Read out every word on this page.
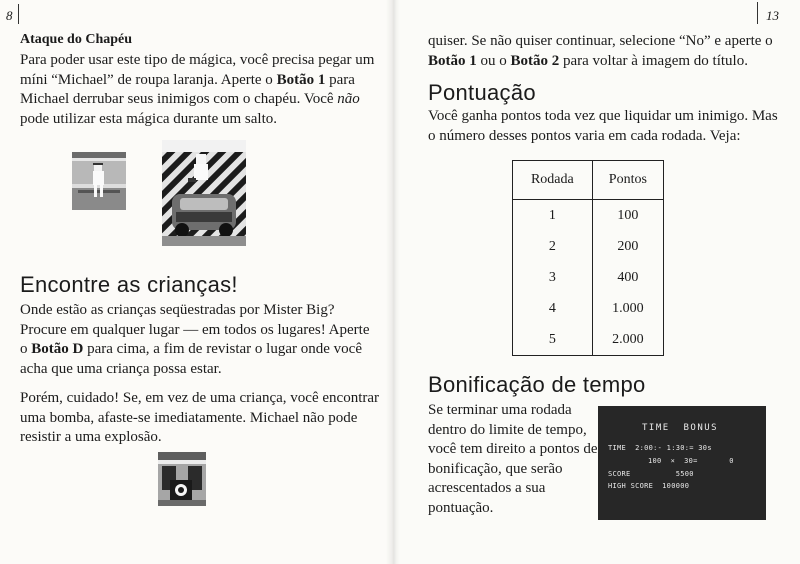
8	13
Ataque do Chapéu
Para poder usar este tipo de mágica, você precisa pegar um
míni “Michael” de roupa laranja. Aperte o Botão 1 para
Michael derrubar seus inimigos com o chapéu. Você não
pode utilizar esta mágica durante um salto.
Encontre as crianças!
Onde estão as crianças seqüestradas por Mister Big?
Procure em qualquer lugar — em todos os lugares! Aperte
o Botão D para cima, a fim de revistar o lugar onde você
acha que uma criança possa estar.
Porém, cuidado! Se, em vez de uma criança, você encontrar
uma bomba, afaste-se imediatamente. Michael não pode
resistir a uma explosão.
quiser. Se não quiser continuar, selecione “No” e aperte o
Botão 1 ou o Botão 2 para voltar à imagem do título.
Pontuação
Você ganha pontos toda vez que liquidar um inimigo. Mas
o número desses pontos varia em cada rodada. Veja:
Rodada	Pontos
1	100
2	200
3	400
4	1.000
5	2.000
Bonificação de tempo
Se terminar uma rodada
dentro do limite de tempo,
você tem direito a pontos de
bonificação, que serão
acrescentados a sua
pontuação.
TIME  BONUS
TIME  2:00:- 1:30:= 30s
100  ×  30=       0
SCORE          5500
HIGH SCORE  100000
